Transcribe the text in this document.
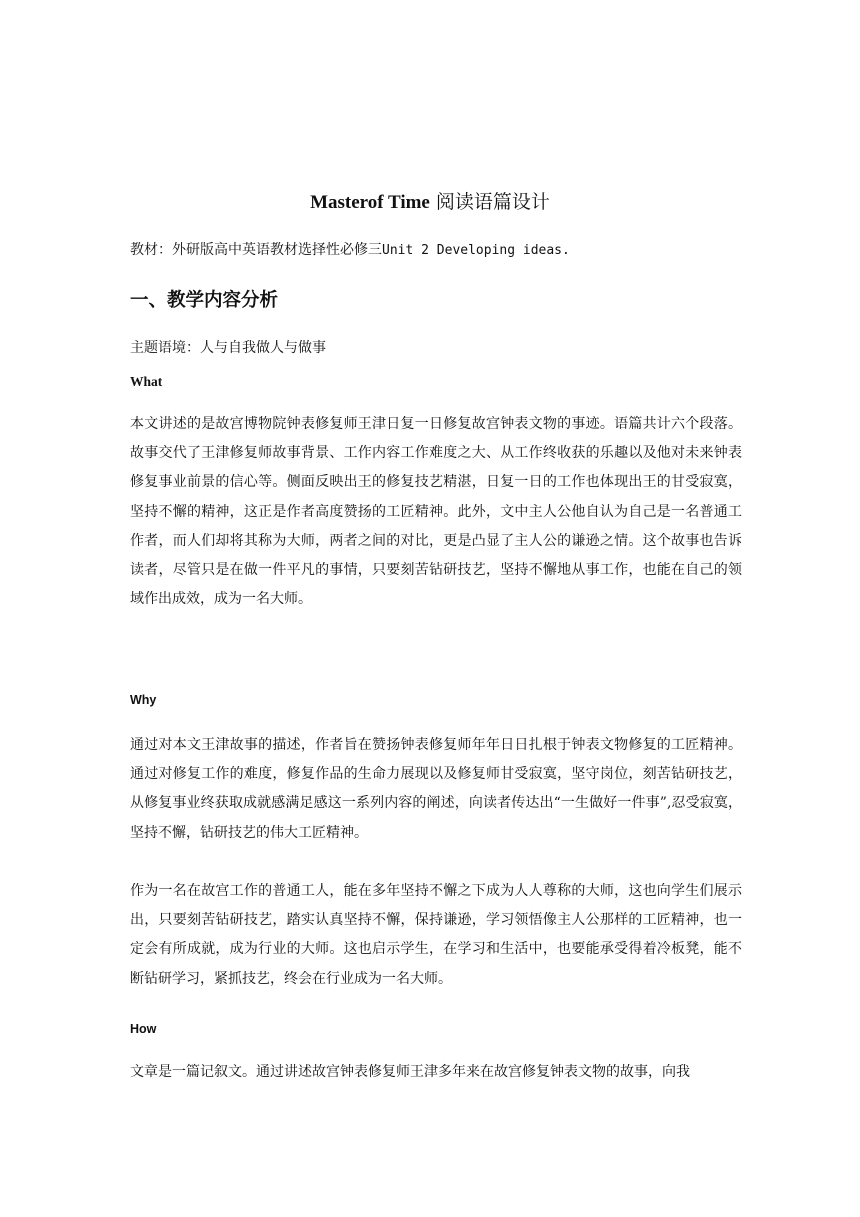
Masterof Time 阅读语篇设计
教材：外研版高中英语教材选择性必修三Unit 2 Developing ideas.
一、教学内容分析
主题语境：人与自我做人与做事
What
本文讲述的是故宫博物院钟表修复师王津日复一日修复故宫钟表文物的事迹。语篇共计六个段落。故事交代了王津修复师故事背景、工作内容工作难度之大、从工作终收获的乐趣以及他对未来钟表修复事业前景的信心等。侧面反映出王的修复技艺精湛，日复一日的工作也体现出王的甘受寂寞，坚持不懈的精神，这正是作者高度赞扬的工匠精神。此外，文中主人公他自认为自己是一名普通工作者，而人们却将其称为大师，两者之间的对比，更是凸显了主人公的谦逊之情。这个故事也告诉读者，尽管只是在做一件平凡的事情，只要刻苦钻研技艺，坚持不懈地从事工作，也能在自己的领域作出成效，成为一名大师。
Why
通过对本文王津故事的描述，作者旨在赞扬钟表修复师年年日日扎根于钟表文物修复的工匠精神。通过对修复工作的难度，修复作品的生命力展现以及修复师甘受寂寞，坚守岗位，刻苦钻研技艺，从修复事业终获取成就感满足感这一系列内容的阐述，向读者传达出“一生做好一件事”,忍受寂寞，坚持不懈，钻研技艺的伟大工匠精神。
作为一名在故宫工作的普通工人，能在多年坚持不懈之下成为人人尊称的大师，这也向学生们展示出，只要刻苦钻研技艺，踏实认真坚持不懈，保持谦逊，学习领悟像主人公那样的工匠精神，也一定会有所成就，成为行业的大师。这也启示学生，在学习和生活中，也要能承受得着冷板凳，能不断钻研学习，紧抓技艺，终会在行业成为一名大师。
How
文章是一篇记叙文。通过讲述故宫钟表修复师王津多年来在故宫修复钟表文物的故事，向我
